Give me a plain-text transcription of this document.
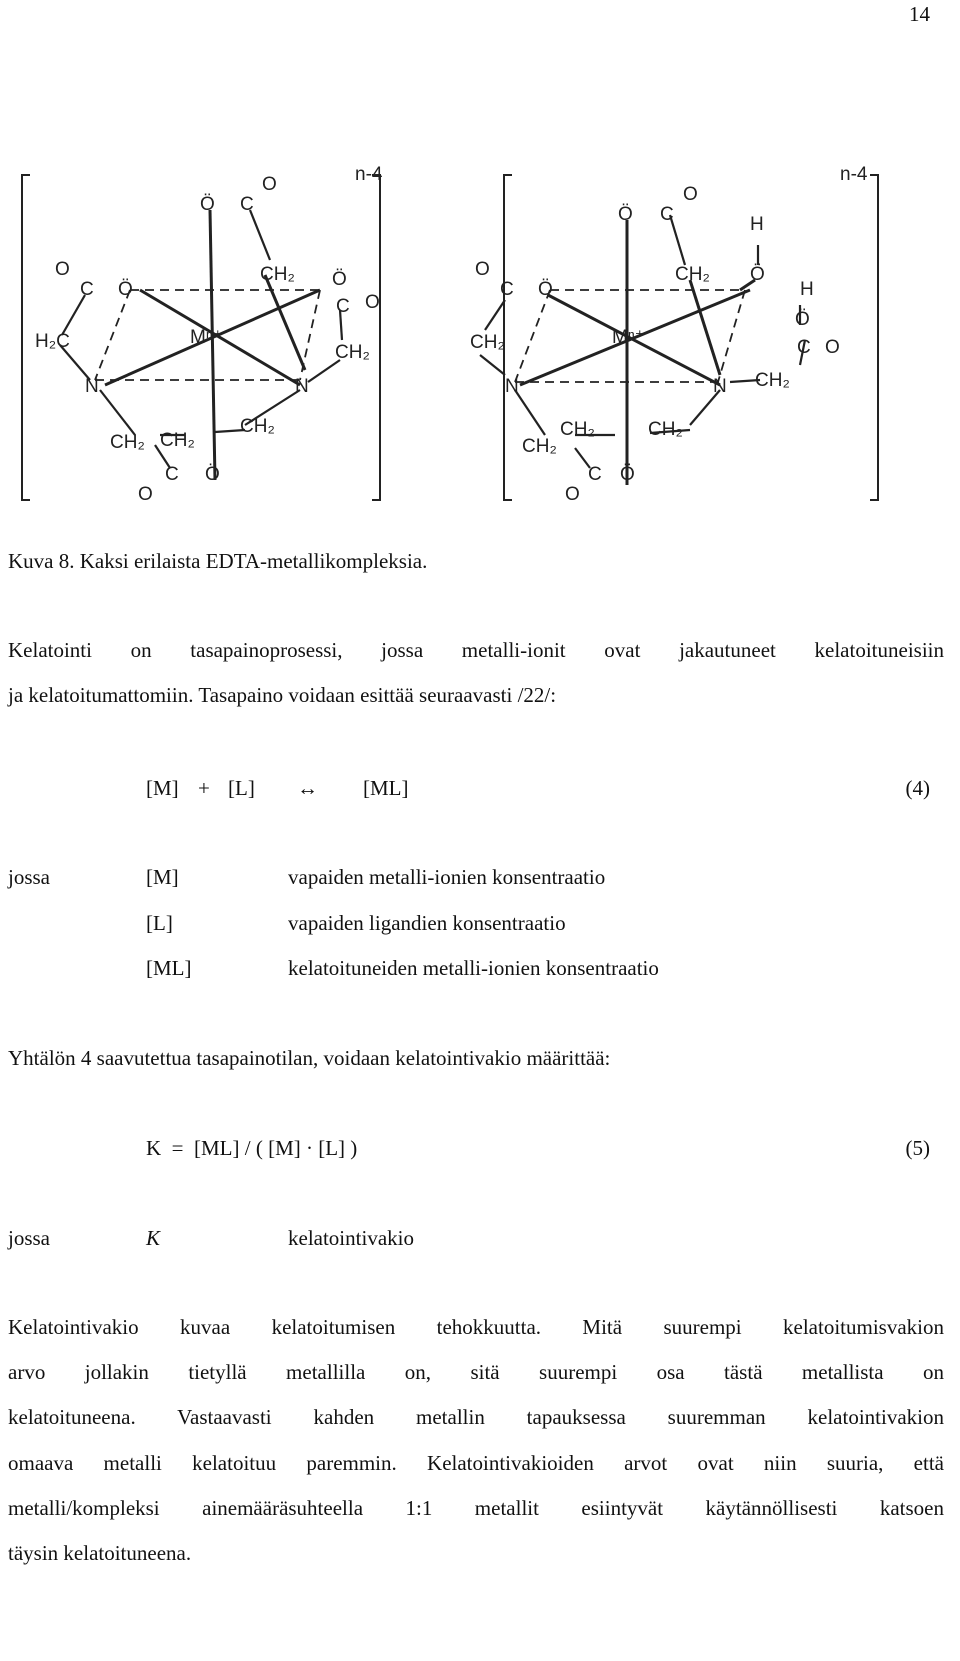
14
n-4
Ö C
O
O
C Ö
CH₂ Ö
C O
H₂C	Mⁿ⁺
CH₂
N	N
CH₂ CH₂
CH₂
O
C Ö
n-4
Ö C
O
O
C Ö
H
Ö
H
CH₂
CH₂	Mⁿ⁺
Ö
C O
N	N CH₂
CH₂
CH₂	CH₂
O
C Ö
Kuva 8. Kaksi erilaista EDTA-metallikompleksia.
Kelatointi on tasapainoprosessi, jossa metalli-ionit ovat jakautuneet kelatoituneisiin
ja kelatoitumattomiin. Tasapaino voidaan esittää seuraavasti /22/:
[M] + [L] ↔ [ML]	(4)
jossa	[M]	vapaiden metalli-ionien konsentraatio
[L]	vapaiden ligandien konsentraatio
[ML]	kelatoituneiden metalli-ionien konsentraatio
Yhtälön 4 saavutettua tasapainotilan, voidaan kelatointivakio määrittää:
K  =  [ML] / ( [M] · [L] )	(5)
jossa	K	kelatointivakio
Kelatointivakio kuvaa kelatoitumisen tehokkuutta. Mitä suurempi kelatoitumisvakion
arvo jollakin tietyllä metallilla on, sitä suurempi osa tästä metallista on
kelatoituneena. Vastaavasti kahden metallin tapauksessa suuremman kelatointivakion
omaava metalli kelatoituu paremmin. Kelatointivakioiden arvot ovat niin suuria, että
metalli/kompleksi ainemääräsuhteella 1:1 metallit esiintyvät käytännöllisesti katsoen
täysin kelatoituneena.
